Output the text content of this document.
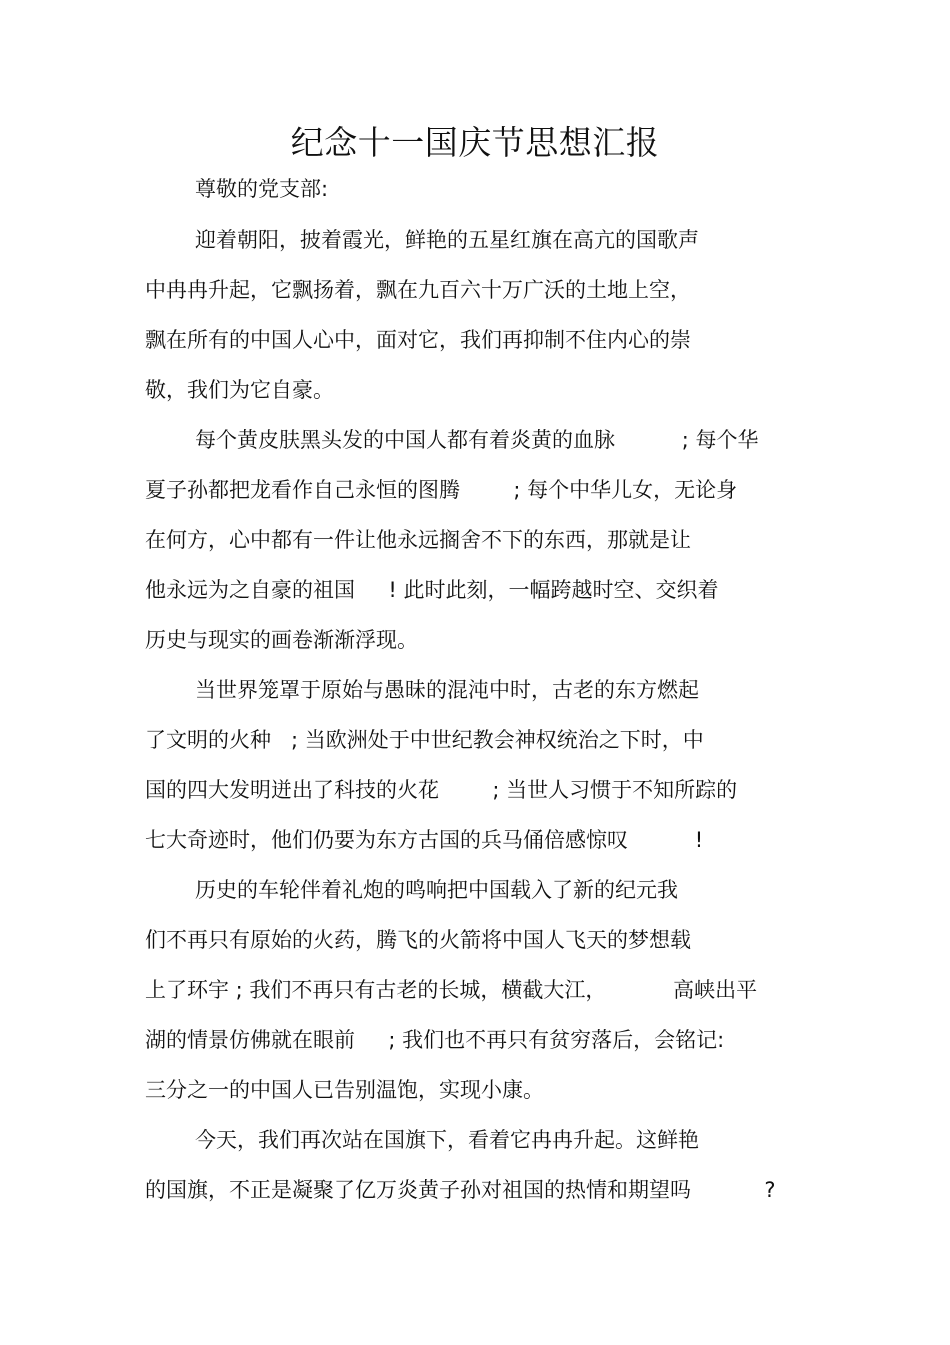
纪念十一国庆节思想汇报
尊敬的党支部:
迎着朝阳，披着霞光，鲜艳的五星红旗在高亢的国歌声
中冉冉升起，它飘扬着，飘在九百六十万广沃的土地上空，
飘在所有的中国人心中，面对它，我们再抑制不住内心的崇
敬，我们为它自豪。
每个黄皮肤黑头发的中国人都有着炎黄的血脉          ; 每个华
夏子孙都把龙看作自己永恒的图腾        ; 每个中华儿女，无论身
在何方，心中都有一件让他永远搁舍不下的东西，那就是让
他永远为之自豪的祖国     ! 此时此刻，一幅跨越时空、交织着
历史与现实的画卷渐渐浮现。
当世界笼罩于原始与愚昧的混沌中时，古老的东方燃起
了文明的火种   ; 当欧洲处于中世纪教会神权统治之下时，中
国的四大发明迸出了科技的火花        ; 当世人习惯于不知所踪的
七大奇迹时，他们仍要为东方古国的兵马俑倍感惊叹          !
历史的车轮伴着礼炮的鸣响把中国载入了新的纪元我
们不再只有原始的火药，腾飞的火箭将中国人飞天的梦想载
上了环宇 ; 我们不再只有古老的长城，横截大江，          高峡出平
湖的情景仿佛就在眼前     ; 我们也不再只有贫穷落后，会铭记:
三分之一的中国人已告别温饱，实现小康。
今天，我们再次站在国旗下，看着它冉冉升起。这鲜艳
的国旗，不正是凝聚了亿万炎黄子孙对祖国的热情和期望吗           ?
